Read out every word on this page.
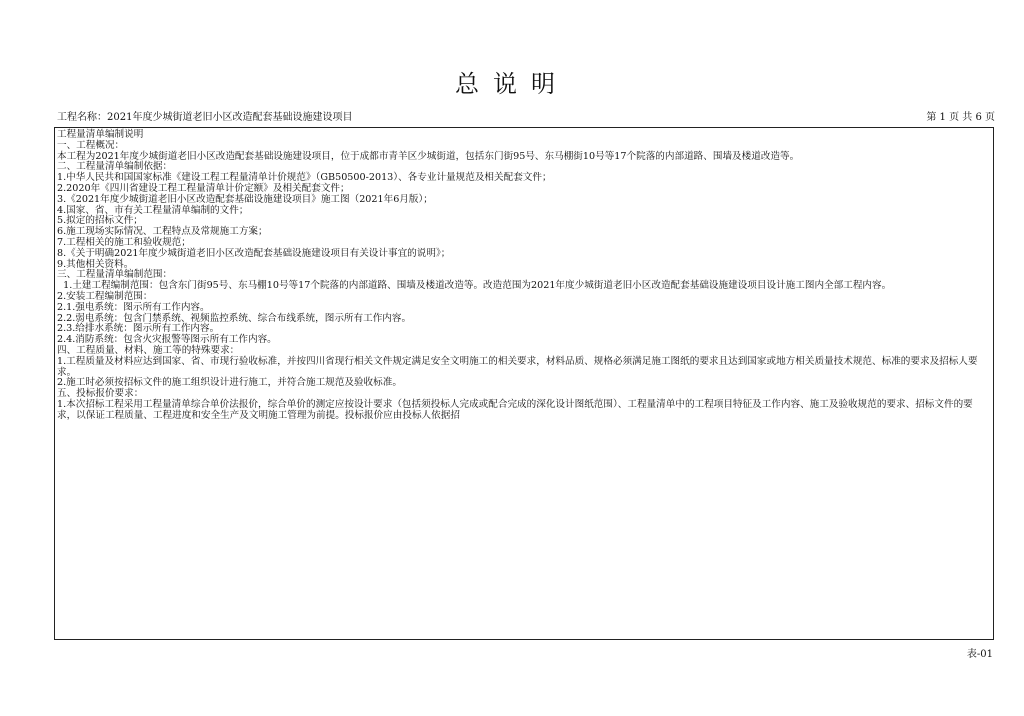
总说明
工程名称：2021年度少城街道老旧小区改造配套基础设施建设项目	第 1 页 共 6 页
工程量清单编制说明
一、工程概况：
本工程为2021年度少城街道老旧小区改造配套基础设施建设项目，位于成都市青羊区少城街道，包括东门街95号、东马棚街10号等17个院落的内部道路、围墙及楼道改造等。
二、工程量清单编制依据：
1.中华人民共和国国家标准《建设工程工程量清单计价规范》（GB50500-2013）、各专业计量规范及相关配套文件；
2.2020年《四川省建设工程工程量清单计价定额》及相关配套文件；
3.《2021年度少城街道老旧小区改造配套基础设施建设项目》施工图（2021年6月版）；
4.国家、省、市有关工程量清单编制的文件；
5.拟定的招标文件；
6.施工现场实际情况、工程特点及常规施工方案；
7.工程相关的施工和验收规范；
8.《关于明确2021年度少城街道老旧小区改造配套基础设施建设项目有关设计事宜的说明》；
9.其他相关资料。
三、工程量清单编制范围：
1.土建工程编制范围：包含东门街95号、东马棚10号等17个院落的内部道路、围墙及楼道改造等。改造范围为2021年度少城街道老旧小区改造配套基础设施建设项目设计施工图内全部工程内容。
2.安装工程编制范围：
2.1.强电系统：图示所有工作内容。
2.2.弱电系统：包含门禁系统、视频监控系统、综合布线系统，图示所有工作内容。
2.3.给排水系统：图示所有工作内容。
2.4.消防系统：包含火灾报警等图示所有工作内容。
四、工程质量、材料、施工等的特殊要求：
1.工程质量及材料应达到国家、省、市现行验收标准，并按四川省现行相关文件规定满足安全文明施工的相关要求，材料品质、规格必须满足施工图纸的要求且达到国家或地方相关质量技术规范、标准的要求及招标人要求。
2.施工时必须按招标文件的施工组织设计进行施工，并符合施工规范及验收标准。
五、投标报价要求：
1.本次招标工程采用工程量清单综合单价法报价，综合单价的测定应按设计要求（包括须投标人完成或配合完成的深化设计图纸范围）、工程量清单中的工程项目特征及工作内容、施工及验收规范的要求、招标文件的要求，以保证工程质量、工程进度和安全生产及文明施工管理为前提。投标报价应由投标人依据招
表-01
